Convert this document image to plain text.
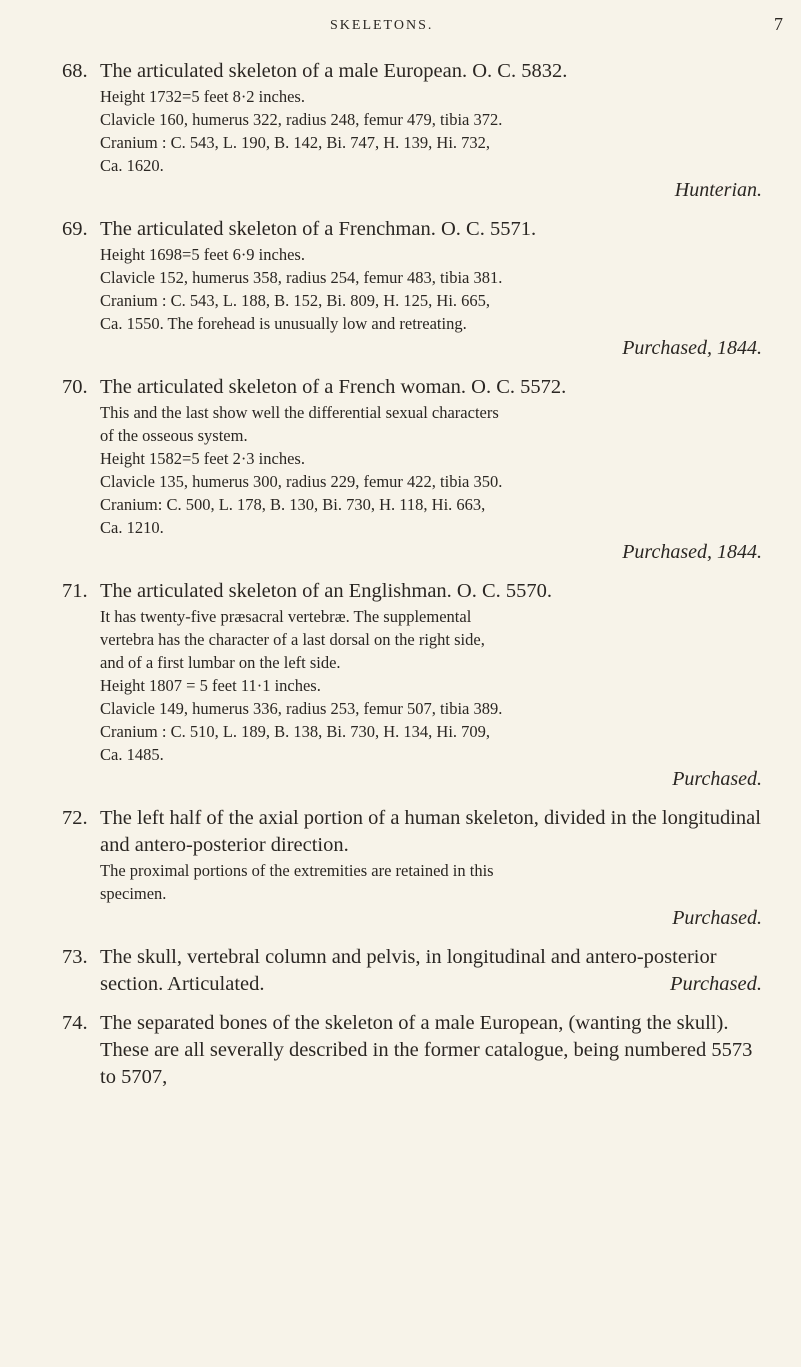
SKELETONS.	7
68. The articulated skeleton of a male European. O. C. 5832.

Height 1732=5 feet 8·2 inches.

Clavicle 160, humerus 322, radius 248, femur 479, tibia 372.

Cranium : C. 543, L. 190, B. 142, Bi. 747, H. 139, Hi. 732,

Ca. 1620.

Hunterian.
69. The articulated skeleton of a Frenchman. O. C. 5571.

Height 1698=5 feet 6·9 inches.

Clavicle 152, humerus 358, radius 254, femur 483, tibia 381.

Cranium : C. 543, L. 188, B. 152, Bi. 809, H. 125, Hi. 665,

Ca. 1550. The forehead is unusually low and retreating.

Purchased, 1844.
70. The articulated skeleton of a French woman. O. C. 5572.

This and the last show well the differential sexual characters

of the osseous system.

Height 1582=5 feet 2·3 inches.

Clavicle 135, humerus 300, radius 229, femur 422, tibia 350.

Cranium: C. 500, L. 178, B. 130, Bi. 730, H. 118, Hi. 663,

Ca. 1210.

Purchased, 1844.
71. The articulated skeleton of an Englishman. O. C. 5570.

It has twenty-five præsacral vertebræ. The supplemental

vertebra has the character of a last dorsal on the right side,

and of a first lumbar on the left side.

Height 1807 = 5 feet 11·1 inches.

Clavicle 149, humerus 336, radius 253, femur 507, tibia 389.

Cranium : C. 510, L. 189, B. 138, Bi. 730, H. 134, Hi. 709,

Ca. 1485.

Purchased.
72. The left half of the axial portion of a human skeleton, divided in the longitudinal and antero-posterior direction.

The proximal portions of the extremities are retained in this

specimen.

Purchased.
73. The skull, vertebral column and pelvis, in longitudinal and antero-posterior section. Articulated.	Purchased.
74. The separated bones of the skeleton of a male European, (wanting the skull). These are all severally described in the former catalogue, being numbered 5573 to 5707,
